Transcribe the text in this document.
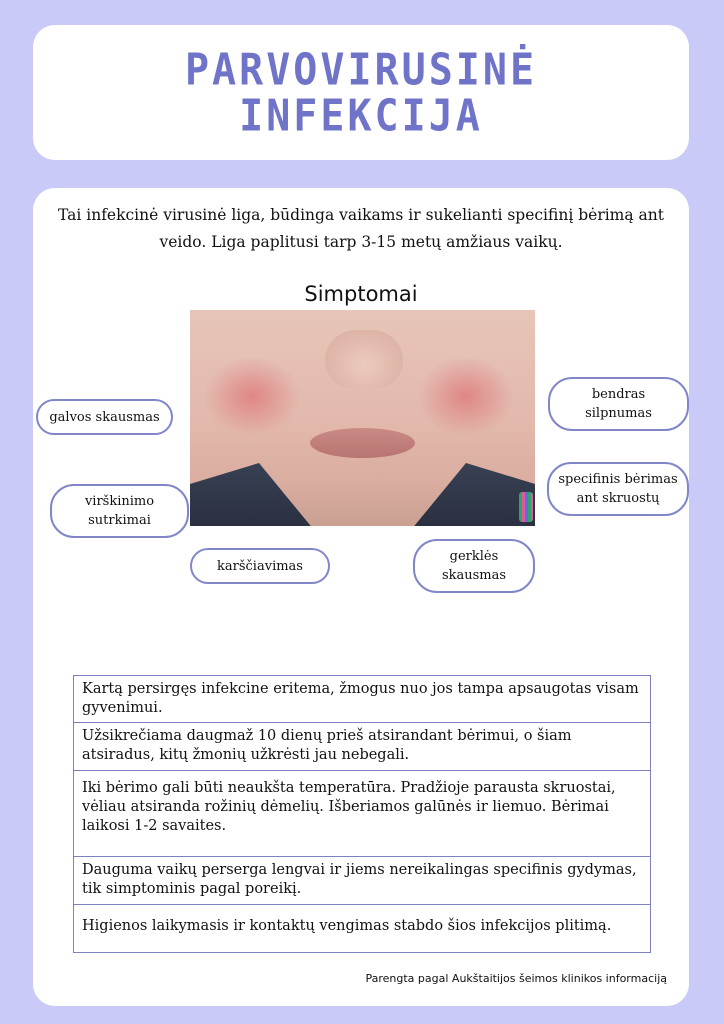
PARVOVIRUSINĖ
INFEKCIJA
Tai infekcinė virusinė liga, būdinga vaikams ir sukelianti specifinį bėrimą ant veido. Liga paplitusi tarp 3-15 metų amžiaus vaikų.
Simptomai
galvos skausmas
virškinimo sutrkimai
karščiavimas
gerklės skausmas
specifinis bėrimas ant skruostų
bendras silpnumas
Kartą persirgęs infekcine eritema, žmogus nuo jos tampa apsaugotas visam gyvenimui.
Užsikrečiama daugmaž 10 dienų prieš atsirandant bėrimui, o šiam atsiradus, kitų žmonių užkrėsti jau nebegali.
Iki bėrimo gali būti neaukšta temperatūra. Pradžioje parausta skruostai, vėliau atsiranda rožinių dėmelių. Išberiamos galūnės ir liemuo. Bėrimai laikosi 1-2 savaites.
Dauguma vaikų perserga lengvai ir jiems nereikalingas specifinis gydymas, tik simptominis pagal poreikį.
Higienos laikymasis ir kontaktų vengimas stabdo šios infekcijos plitimą.
Parengta pagal Aukštaitijos šeimos klinikos informaciją
